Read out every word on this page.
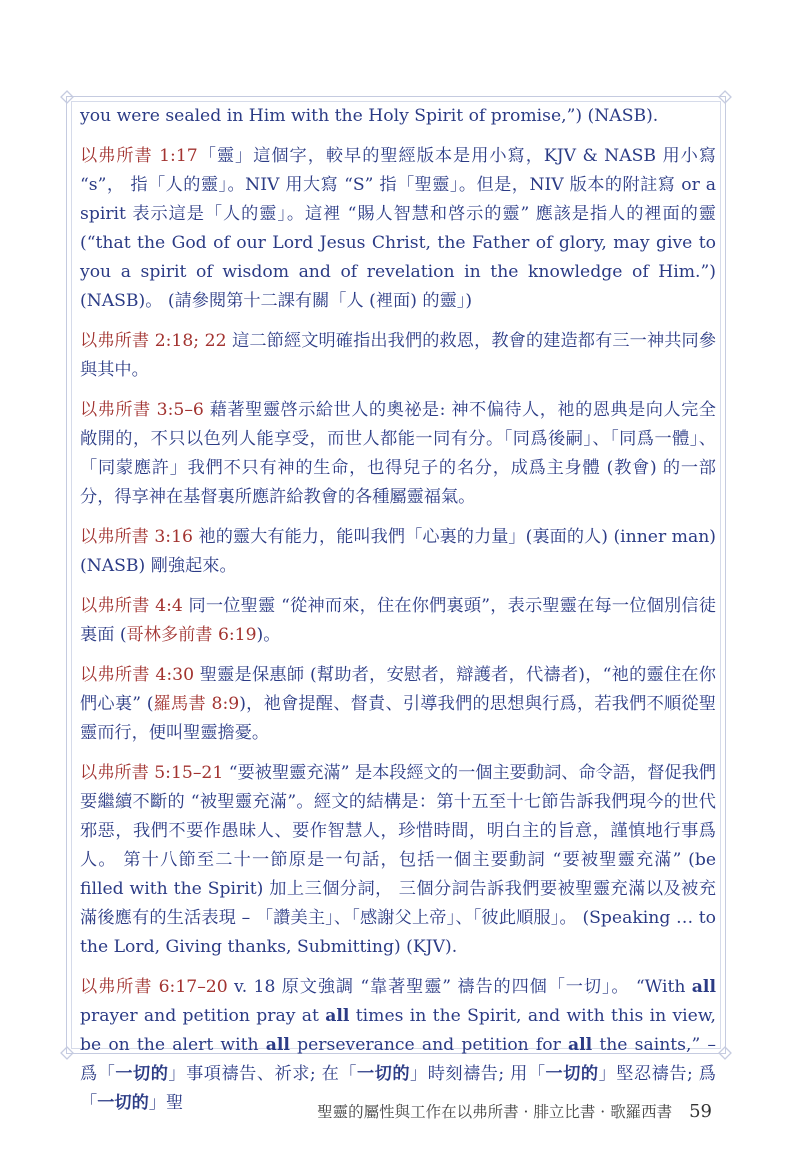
you were sealed in Him with the Holy Spirit of promise,”) (NASB).

以弗所書 1:17「靈」這個字，較早的聖經版本是用小寫，KJV & NASB 用小寫 “s”， 指「人的靈」。NIV 用大寫 “S” 指「聖靈」。但是，NIV 版本的附註寫 or a spirit 表示這是「人的靈」。這裡 “賜人智慧和啓示的靈” 應該是指人的裡面的靈 (“that the God of our Lord Jesus Christ, the Father of glory, may give to you a spirit of wisdom and of revelation in the knowledge of Him.”) (NASB)。 (請參閱第十二課有關「人 (裡面) 的靈」)

以弗所書 2:18; 22 這二節經文明確指出我們的救恩，教會的建造都有三一神共同參與其中。

以弗所書 3:5–6 藉著聖靈啓示給世人的奧祕是: 神不偏待人，祂的恩典是向人完全敞開的，不只以色列人能享受，而世人都能一同有分。「同爲後嗣」、「同爲一體」、「同蒙應許」我們不只有神的生命，也得兒子的名分，成爲主身體 (教會) 的一部分，得享神在基督裏所應許給教會的各種屬靈福氣。

以弗所書 3:16 祂的靈大有能力，能叫我們「心裏的力量」(裏面的人) (inner man) (NASB) 剛強起來。

以弗所書 4:4 同一位聖靈 “從神而來，住在你們裏頭”，表示聖靈在每一位個別信徒裏面 (哥林多前書 6:19)。

以弗所書 4:30 聖靈是保惠師 (幫助者，安慰者，辯護者，代禱者)，“祂的靈住在你們心裏” (羅馬書 8:9)，祂會提醒、督責、引導我們的思想與行爲，若我們不順從聖靈而行，便叫聖靈擔憂。

以弗所書 5:15–21 “要被聖靈充滿” 是本段經文的一個主要動詞、命令語，督促我們要繼續不斷的 “被聖靈充滿”。經文的結構是：第十五至十七節告訴我們現今的世代邪惡，我們不要作愚昧人、要作智慧人，珍惜時間，明白主的旨意，謹慎地行事爲人。 第十八節至二十一節原是一句話，包括一個主要動詞 “要被聖靈充滿” (be filled with the Spirit) 加上三個分詞， 三個分詞告訴我們要被聖靈充滿以及被充滿後應有的生活表現 – 「讚美主」、「感謝父上帝」、「彼此順服」。 (Speaking … to the Lord, Giving thanks, Submitting) (KJV).

以弗所書 6:17–20 v. 18 原文強調 “靠著聖靈” 禱告的四個「一切」。 “With all prayer and petition pray at all times in the Spirit, and with this in view, be on the alert with all perseverance and petition for all the saints,” – 爲「一切的」事項禱告、祈求; 在「一切的」時刻禱告; 用「一切的」堅忍禱告; 爲「一切的」聖	聖靈的屬性與工作在以弗所書 · 腓立比書 · 歌羅西書 59
